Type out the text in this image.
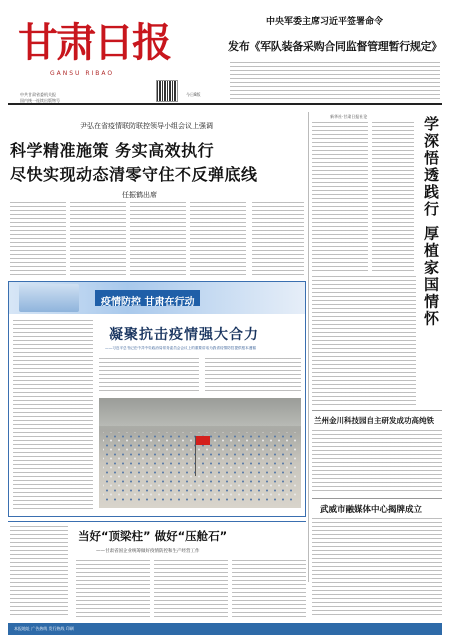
甘肃日报
GANSU RIBAO
中共甘肃省委机关报
国内统一连续出版物号
今日8版
中央军委主席习近平签署命令
发布《军队装备采购合同监督管理暂行规定》
尹弘在省疫情联防联控领导小组会议上强调
科学精准施策 务实高效执行
尽快实现动态清零守住不反弹底线
任振鹤出席
新华社·甘肃日报社论	学深悟透践行 厚植家国情怀
兰州金川科技园自主研发成功高纯铁
武威市融媒体中心揭牌成立
疫情防控 甘肃在行动
凝聚抗击疫情强大合力
——习近平总书记在中共中央政治局常务委员会会议上的重要讲话为我省疫情防控提供根本遵循
当好“顶梁柱” 做好“压舱石”
——甘肃省国企业统筹做好疫情防控和生产经营工作
本报地址 广告热线 发行热线 印刷
